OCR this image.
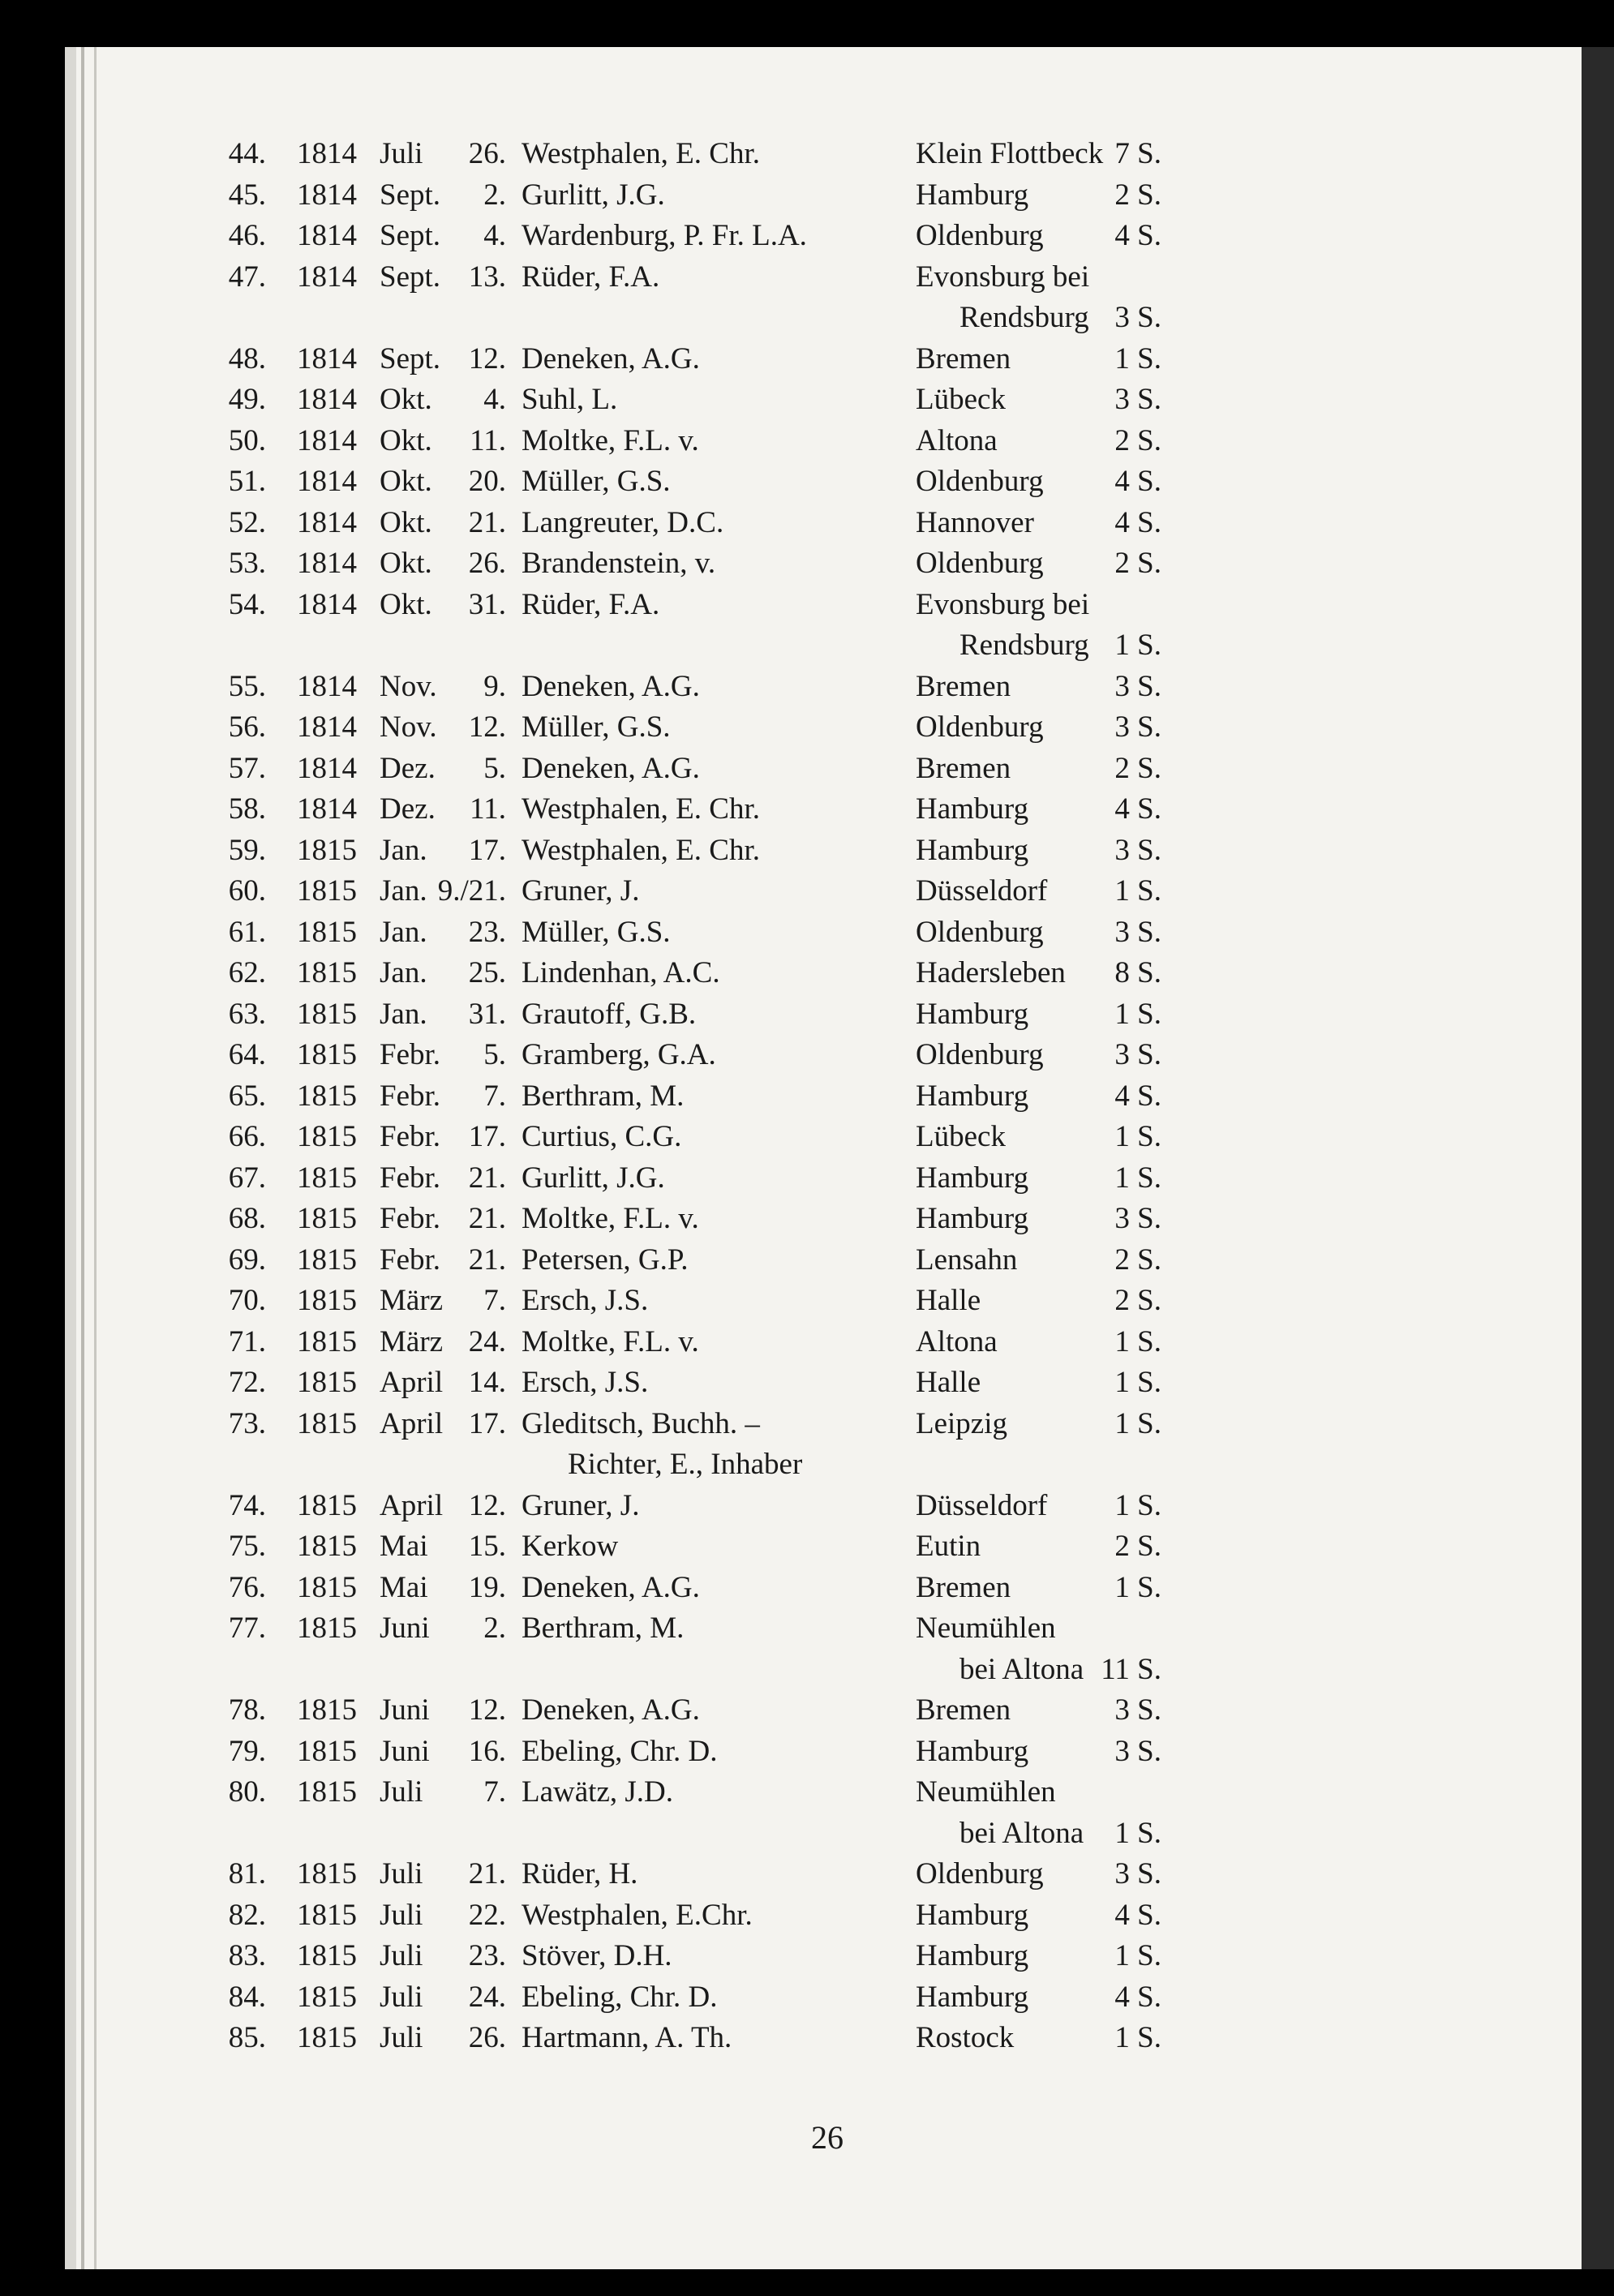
44. 1814 Juli 26. Westphalen, E. Chr.	Klein Flottbeck 7 S.
45. 1814 Sept. 2. Gurlitt, J.G.	Hamburg	2 S.
46. 1814 Sept. 4. Wardenburg, P. Fr. L.A.	Oldenburg 4 S.
47. 1814 Sept. 13. Rüder, F.A.	Evonsburg bei
Rendsburg 3 S.
48. 1814 Sept. 12. Deneken, A.G.	Bremen	1 S.
49. 1814 Okt. 4. Suhl, L.	Lübeck	3 S.
50. 1814 Okt. 11. Moltke, F.L. v.	Altona	2 S.
51. 1814 Okt. 20. Müller, G.S.	Oldenburg 4 S.
52. 1814 Okt. 21. Langreuter, D.C.	Hannover	4 S.
53. 1814 Okt. 26. Brandenstein, v.	Oldenburg 2 S.
54. 1814 Okt. 31. Rüder, F.A.	Evonsburg bei
Rendsburg 1 S.
55. 1814 Nov. 9. Deneken, A.G.	Bremen	3 S.
56. 1814 Nov. 12. Müller, G.S.	Oldenburg 3 S.
57. 1814 Dez. 5. Deneken, A.G.	Bremen	2 S.
58. 1814 Dez. 11. Westphalen, E. Chr.	Hamburg	4 S.
59. 1815 Jan. 17. Westphalen, E. Chr.	Hamburg	3 S.
60. 1815 Jan. 9./21. Gruner, J.	Düsseldorf 1 S.
61. 1815 Jan. 23. Müller, G.S.	Oldenburg 3 S.
62. 1815 Jan. 25. Lindenhan, A.C.	Hadersleben 8 S.
63. 1815 Jan. 31. Grautoff, G.B.	Hamburg	1 S.
64. 1815 Febr. 5. Gramberg, G.A.	Oldenburg 3 S.
65. 1815 Febr. 7. Berthram, M.	Hamburg	4 S.
66. 1815 Febr. 17. Curtius, C.G.	Lübeck	1 S.
67. 1815 Febr. 21. Gurlitt, J.G.	Hamburg	1 S.
68. 1815 Febr. 21. Moltke, F.L. v.	Hamburg	3 S.
69. 1815 Febr. 21. Petersen, G.P.	Lensahn	2 S.
70. 1815 März 7. Ersch, J.S.	Halle	2 S.
71. 1815 März 24. Moltke, F.L. v.	Altona	1 S.
72. 1815 April 14. Ersch, J.S.	Halle	1 S.
73. 1815 April 17. Gleditsch, Buchh. –	Leipzig	1 S.
Richter, E., Inhaber
74. 1815 April 12. Gruner, J.	Düsseldorf 1 S.
75. 1815 Mai 15. Kerkow	Eutin	2 S.
76. 1815 Mai 19. Deneken, A.G.	Bremen	1 S.
77. 1815 Juni 2. Berthram, M.	Neumühlen
bei Altona 11 S.
78. 1815 Juni 12. Deneken, A.G.	Bremen	3 S.
79. 1815 Juni 16. Ebeling, Chr. D.	Hamburg	3 S.
80. 1815 Juli 7. Lawätz, J.D.	Neumühlen
bei Altona 1 S.
81. 1815 Juli 21. Rüder, H.	Oldenburg 3 S.
82. 1815 Juli 22. Westphalen, E.Chr.	Hamburg	4 S.
83. 1815 Juli 23. Stöver, D.H.	Hamburg	1 S.
84. 1815 Juli 24. Ebeling, Chr. D.	Hamburg	4 S.
85. 1815 Juli 26. Hartmann, A. Th.	Rostock	1 S.
26
